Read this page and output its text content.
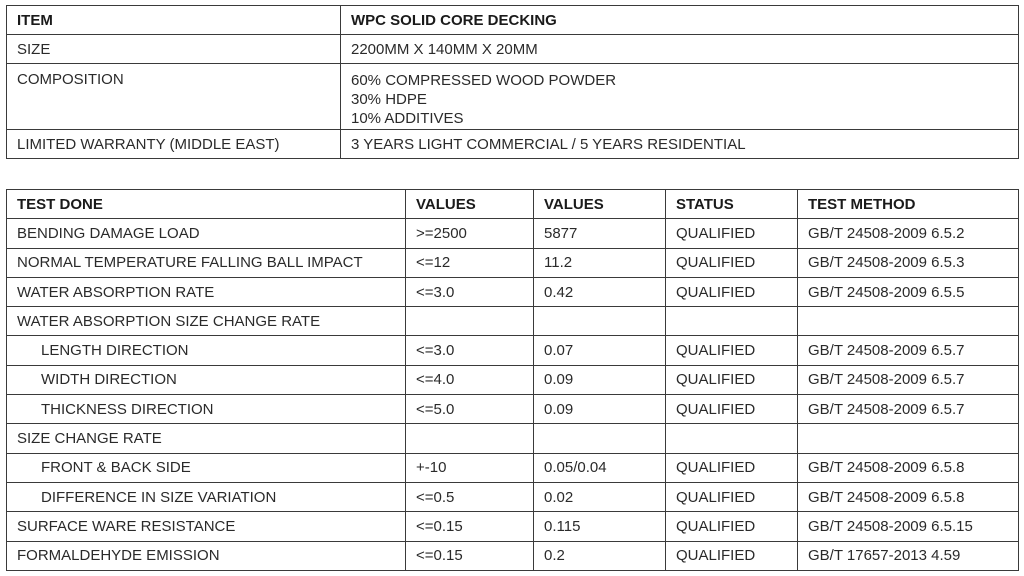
ITEM	WPC SOLID CORE DECKING
SIZE	2200MM X 140MM X 20MM
COMPOSITION	60% COMPRESSED WOOD POWDER
30% HDPE
10% ADDITIVES

LIMITED WARRANTY (MIDDLE EAST)	3 YEARS LIGHT COMMERCIAL / 5 YEARS RESIDENTIAL
TEST DONE	VALUES	VALUES	STATUS	TEST METHOD
BENDING DAMAGE LOAD	>=2500	5877	QUALIFIED	GB/T 24508-2009 6.5.2
NORMAL TEMPERATURE FALLING BALL IMPACT	<=12	11.2	QUALIFIED	GB/T 24508-2009 6.5.3
WATER ABSORPTION RATE	<=3.0	0.42	QUALIFIED	GB/T 24508-2009 6.5.5
WATER ABSORPTION SIZE CHANGE RATE				
LENGTH DIRECTION	<=3.0	0.07	QUALIFIED	GB/T 24508-2009 6.5.7
WIDTH DIRECTION	<=4.0	0.09	QUALIFIED	GB/T 24508-2009 6.5.7
THICKNESS DIRECTION	<=5.0	0.09	QUALIFIED	GB/T 24508-2009 6.5.7
SIZE CHANGE RATE				
FRONT & BACK SIDE	+-10	0.05/0.04	QUALIFIED	GB/T 24508-2009 6.5.8
DIFFERENCE IN SIZE VARIATION	<=0.5	0.02	QUALIFIED	GB/T 24508-2009 6.5.8
SURFACE WARE RESISTANCE	<=0.15	0.115	QUALIFIED	GB/T 24508-2009 6.5.15
FORMALDEHYDE EMISSION	<=0.15	0.2	QUALIFIED	GB/T 17657-2013 4.59
